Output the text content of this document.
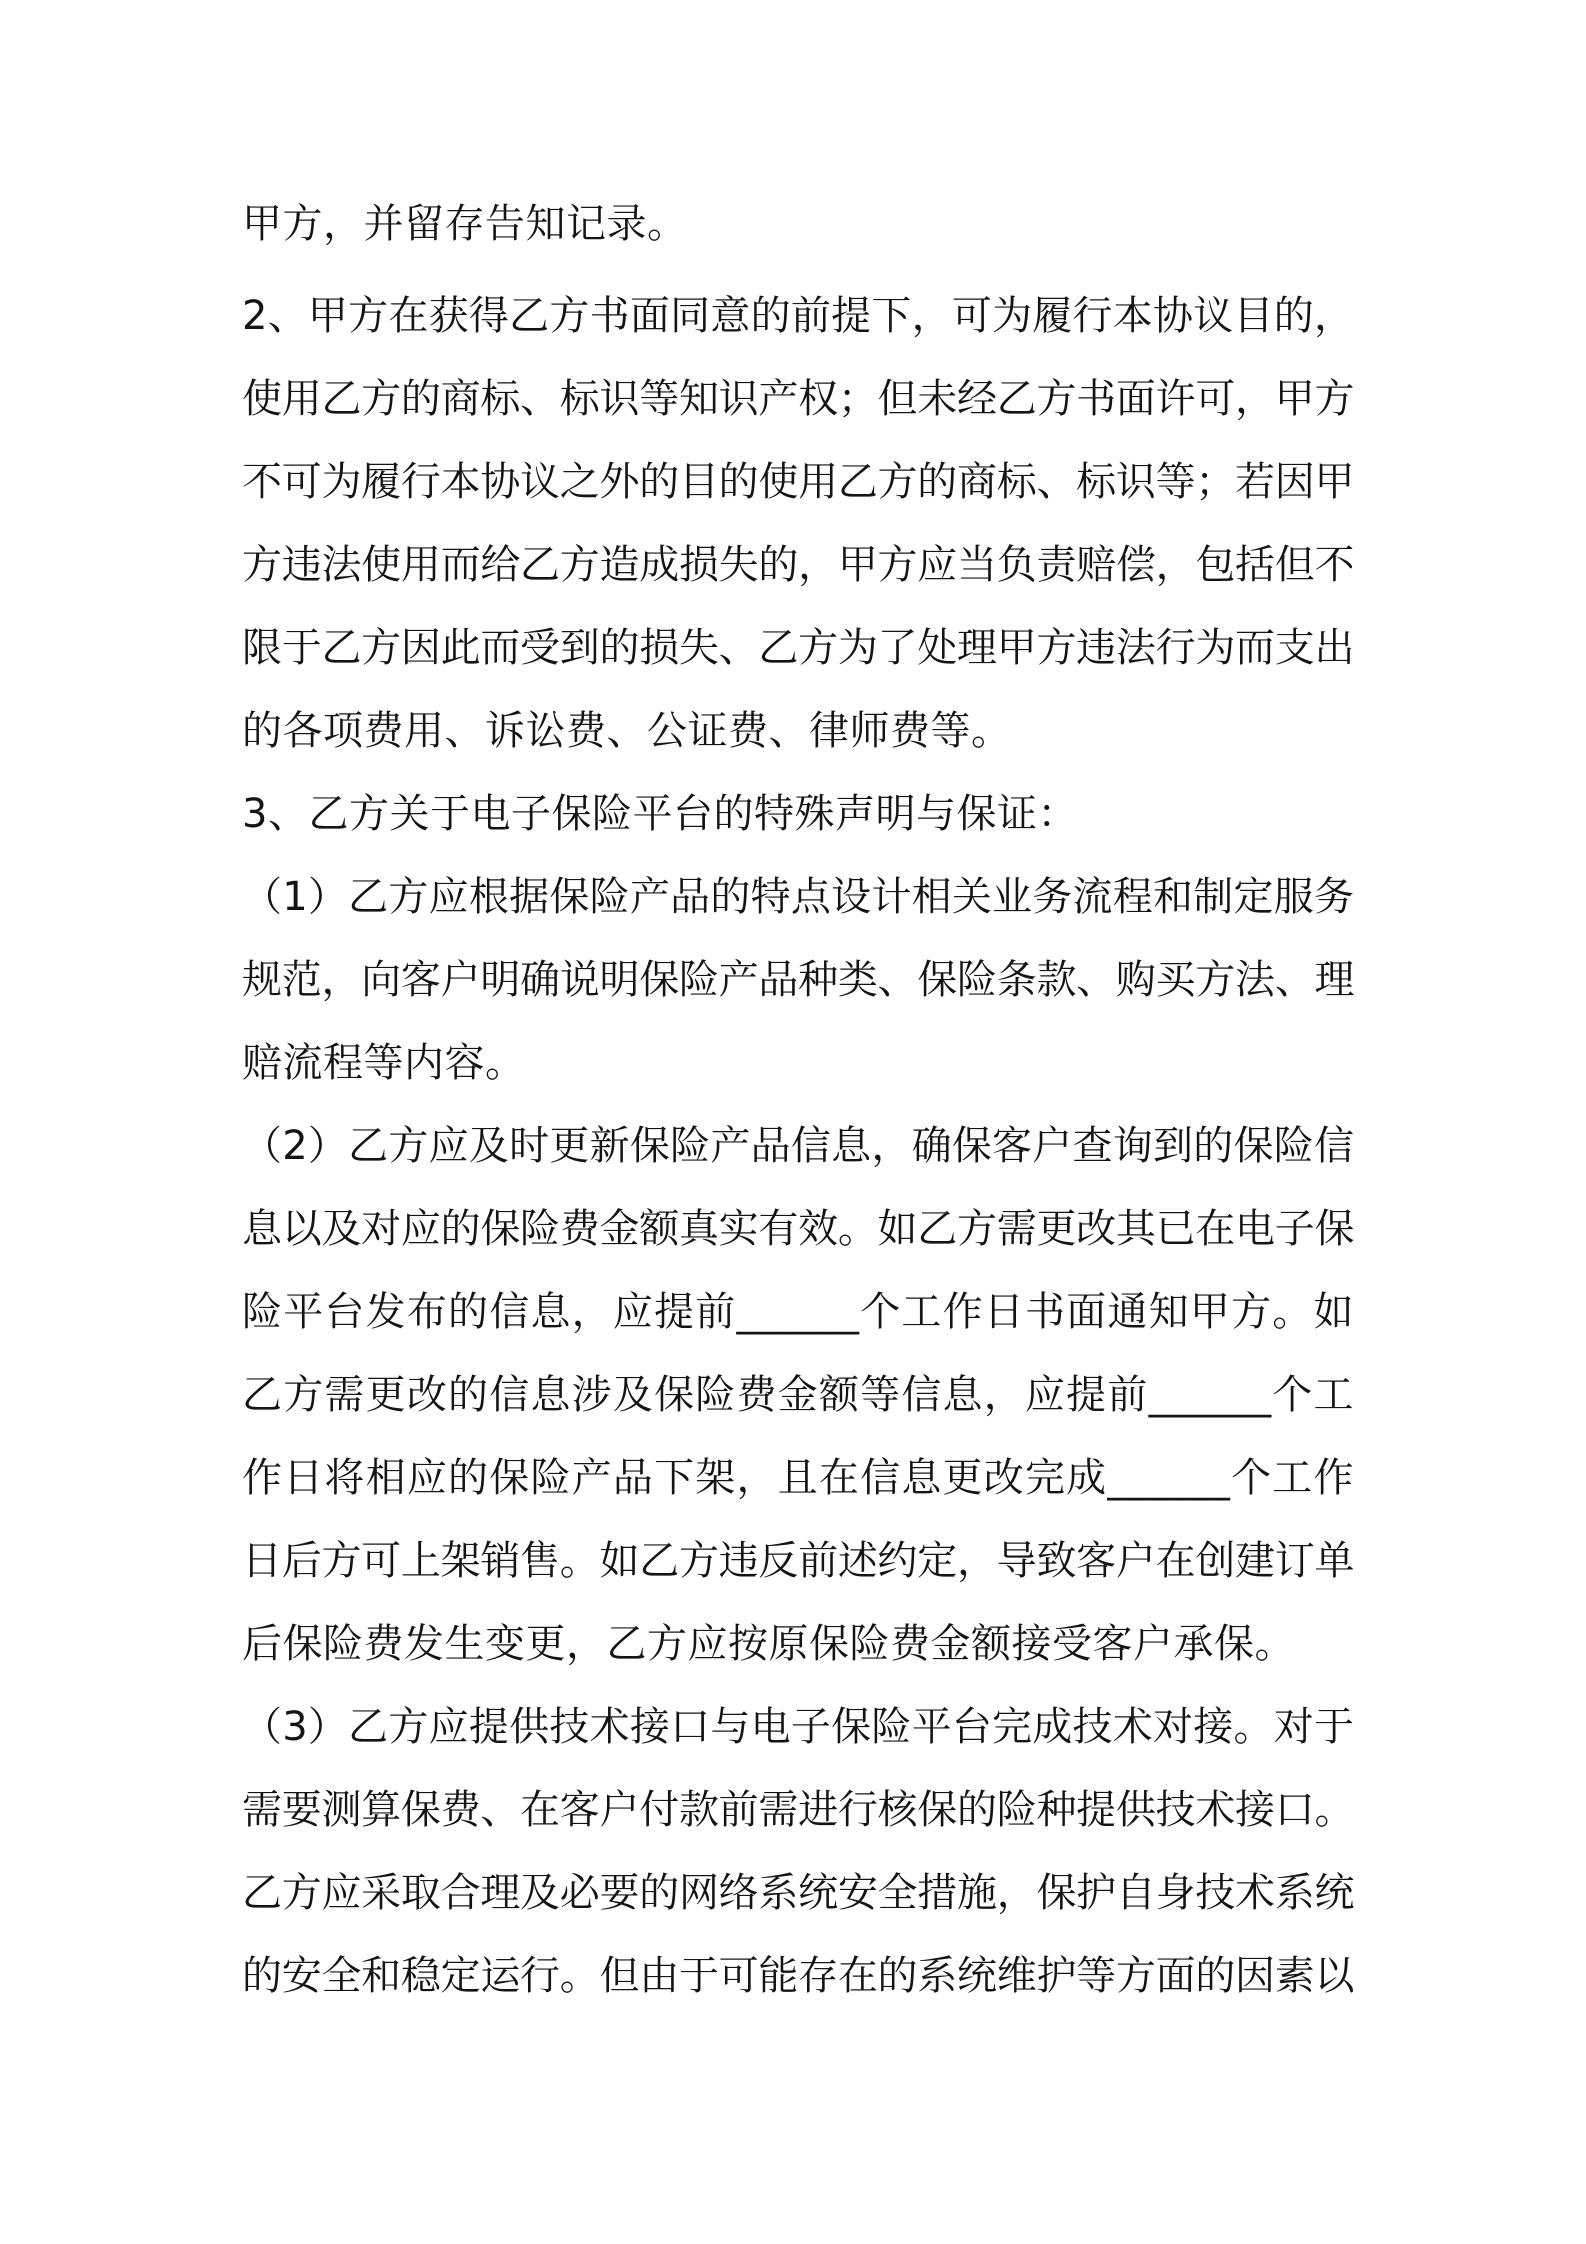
甲方，并留存告知记录。
2、甲方在获得乙方书面同意的前提下，可为履行本协议目的，
使用乙方的商标、标识等知识产权；但未经乙方书面许可，甲方
不可为履行本协议之外的目的使用乙方的商标、标识等；若因甲
方违法使用而给乙方造成损失的，甲方应当负责赔偿，包括但不
限于乙方因此而受到的损失、乙方为了处理甲方违法行为而支出
的各项费用、诉讼费、公证费、律师费等。
3、乙方关于电子保险平台的特殊声明与保证：
（1）乙方应根据保险产品的特点设计相关业务流程和制定服务
规范，向客户明确说明保险产品种类、保险条款、购买方法、理
赔流程等内容。
（2）乙方应及时更新保险产品信息，确保客户查询到的保险信
息以及对应的保险费金额真实有效。如乙方需更改其已在电子保
险平台发布的信息，应提前______个工作日书面通知甲方。如
乙方需更改的信息涉及保险费金额等信息，应提前______个工
作日将相应的保险产品下架，且在信息更改完成______个工作
日后方可上架销售。如乙方违反前述约定，导致客户在创建订单
后保险费发生变更，乙方应按原保险费金额接受客户承保。
（3）乙方应提供技术接口与电子保险平台完成技术对接。对于
需要测算保费、在客户付款前需进行核保的险种提供技术接口。
乙方应采取合理及必要的网络系统安全措施，保护自身技术系统
的安全和稳定运行。但由于可能存在的系统维护等方面的因素以
